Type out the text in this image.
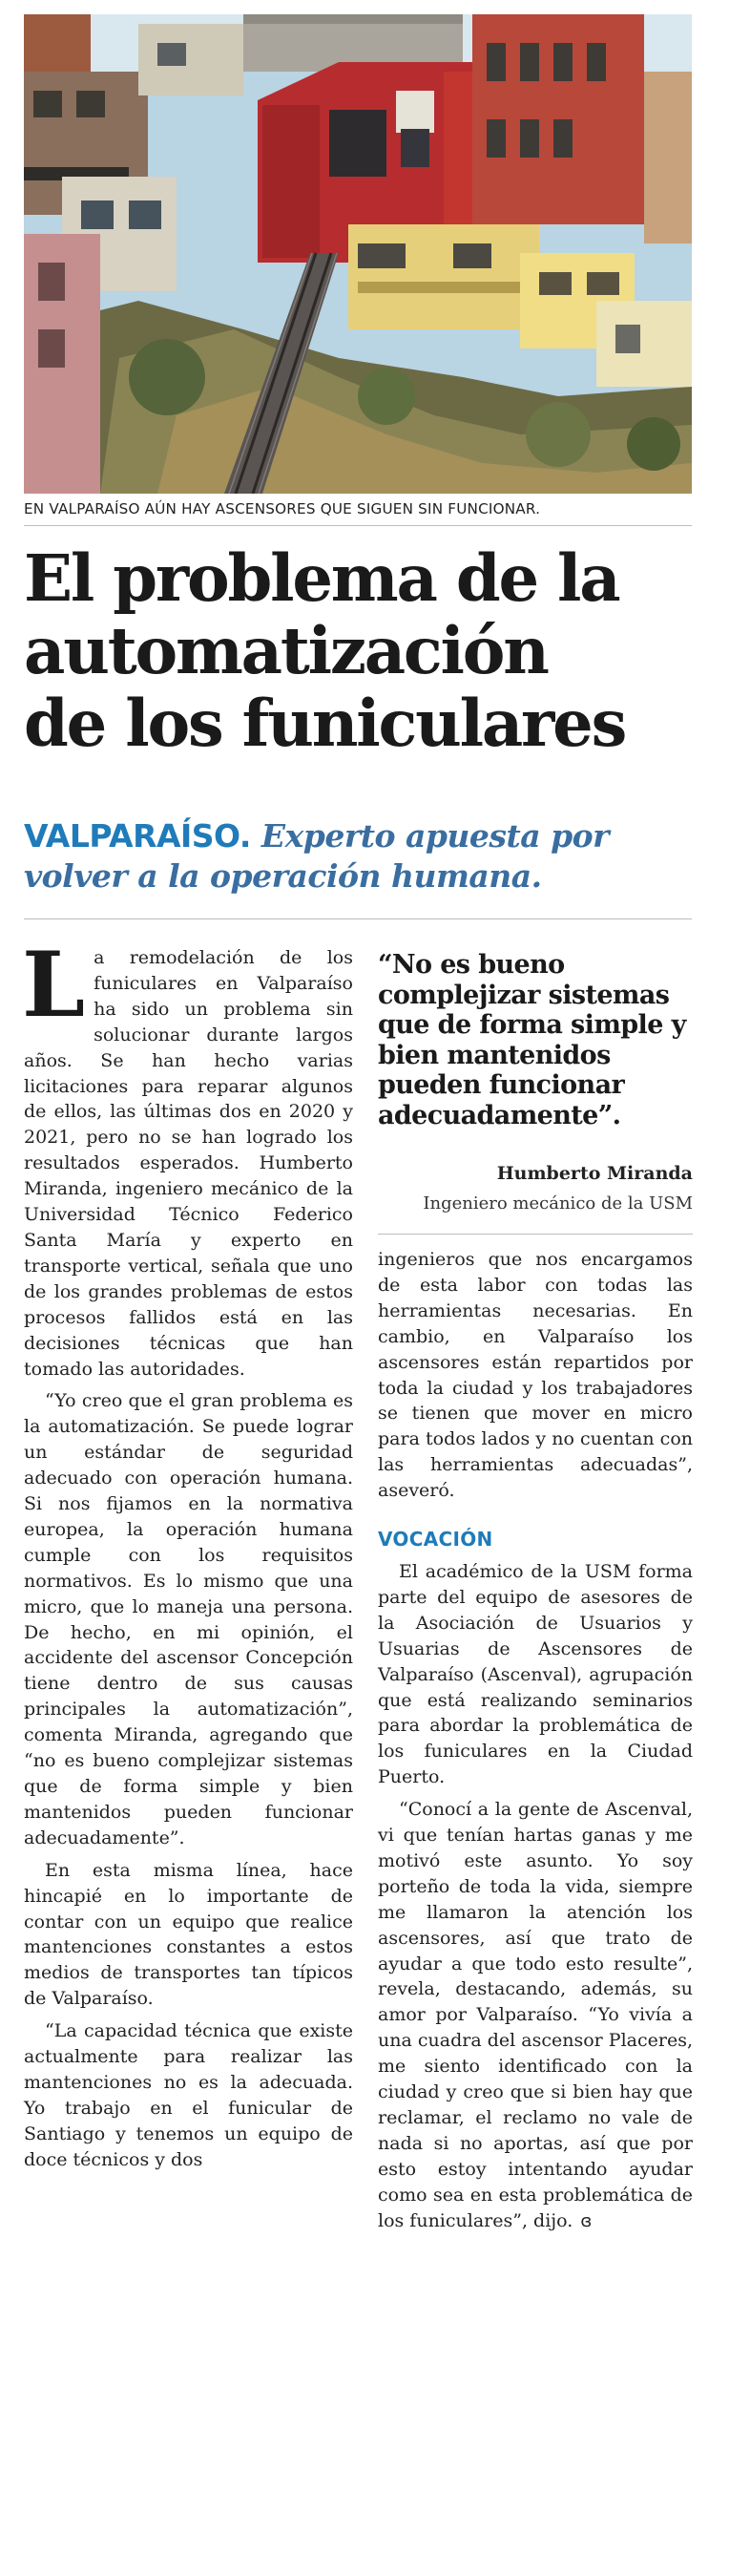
EN VALPARAÍSO AÚN HAY ASCENSORES QUE SIGUEN SIN FUNCIONAR.
El problema de la
automatización
de los funiculares
VALPARAÍSO. Experto apuesta por
volver a la operación humana.

La remodelación de los funiculares en Valparaíso ha sido un problema sin solucionar durante largos años. Se han hecho varias licitaciones para reparar algunos de ellos, las últimas dos en 2020 y 2021, pero no se han logrado los resultados esperados. Humberto Miranda, ingeniero mecánico de la Universidad Técnico Federico Santa María y experto en transporte vertical, señala que uno de los grandes problemas de estos procesos fallidos está en las decisiones técnicas que han tomado las autoridades.

“Yo creo que el gran problema es la automatización. Se puede lograr un estándar de seguridad adecuado con operación humana. Si nos fijamos en la normativa europea, la operación humana cumple con los requisitos normativos. Es lo mismo que una micro, que lo maneja una persona. De hecho, en mi opinión, el accidente del ascensor Concepción tiene dentro de sus causas principales la automatización”, comenta Miranda, agregando que “no es bueno complejizar sistemas que de forma simple y bien mantenidos pueden funcionar adecuadamente”.

En esta misma línea, hace hincapié en lo importante de contar con un equipo que realice mantenciones constantes a estos medios de transportes tan típicos de Valparaíso.

“La capacidad técnica que existe actualmente para realizar las mantenciones no es la adecuada. Yo trabajo en el funicular de Santiago y tenemos un equipo de doce técnicos y dos

“No es bueno complejizar sistemas que de forma simple y bien mantenidos pueden funcionar adecuadamente”.

Humberto Miranda
Ingeniero mecánico de la USM

ingenieros que nos encargamos de esta labor con todas las herramientas necesarias. En cambio, en Valparaíso los ascensores están repartidos por toda la ciudad y los trabajadores se tienen que mover en micro para todos lados y no cuentan con las herramientas adecuadas”, aseveró.

VOCACIÓN

El académico de la USM forma parte del equipo de asesores de la Asociación de Usuarios y Usuarias de Ascensores de Valparaíso (Ascenval), agrupación que está realizando seminarios para abordar la problemática de los funiculares en la Ciudad Puerto.

“Conocí a la gente de Ascenval, vi que tenían hartas ganas y me motivó este asunto. Yo soy porteño de toda la vida, siempre me llamaron la atención los ascensores, así que trato de ayudar a que todo esto resulte”, revela, destacando, además, su amor por Valparaíso. “Yo vivía a una cuadra del ascensor Placeres, me siento identificado con la ciudad y creo que si bien hay que reclamar, el reclamo no vale de nada si no aportas, así que por esto estoy intentando ayudar como sea en esta problemática de los funiculares”, dijo. ɞ
